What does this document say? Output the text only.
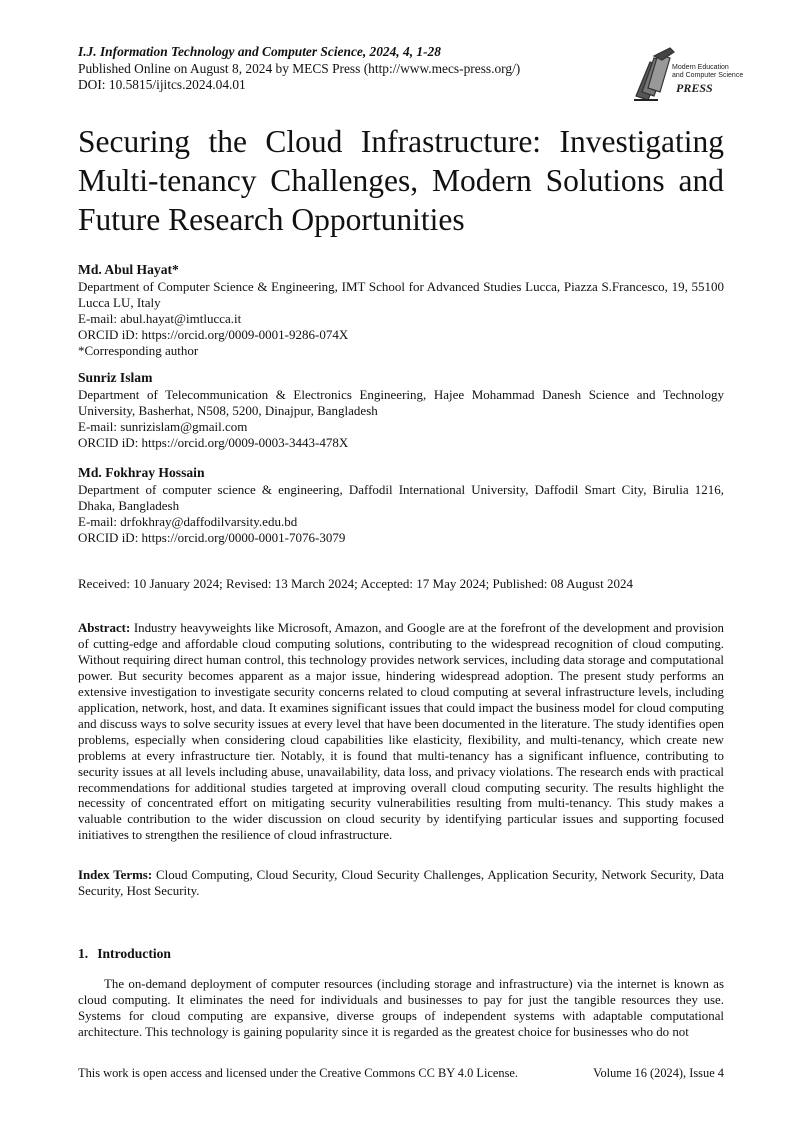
I.J. Information Technology and Computer Science, 2024, 4, 1-28
Published Online on August 8, 2024 by MECS Press (http://www.mecs-press.org/)
DOI: 10.5815/ijitcs.2024.04.01
Modern Education
and Computer Science
PRESS
Securing the Cloud Infrastructure: Investigating Multi-tenancy Challenges, Modern Solutions and Future Research Opportunities
Md. Abul Hayat*
Department of Computer Science & Engineering, IMT School for Advanced Studies Lucca, Piazza S.Francesco, 19, 55100 Lucca LU, Italy
E-mail: abul.hayat@imtlucca.it
ORCID iD: https://orcid.org/0009-0001-9286-074X
*Corresponding author
Sunriz Islam
Department of Telecommunication & Electronics Engineering, Hajee Mohammad Danesh Science and Technology University, Basherhat, N508, 5200, Dinajpur, Bangladesh
E-mail: sunrizislam@gmail.com
ORCID iD: https://orcid.org/0009-0003-3443-478X
Md. Fokhray Hossain
Department of computer science & engineering, Daffodil International University, Daffodil Smart City, Birulia 1216, Dhaka, Bangladesh
E-mail: drfokhray@daffodilvarsity.edu.bd
ORCID iD: https://orcid.org/0000-0001-7076-3079
Received: 10 January 2024; Revised: 13 March 2024; Accepted: 17 May 2024; Published: 08 August 2024
Abstract: Industry heavyweights like Microsoft, Amazon, and Google are at the forefront of the development and provision of cutting-edge and affordable cloud computing solutions, contributing to the widespread recognition of cloud computing. Without requiring direct human control, this technology provides network services, including data storage and computational power. But security becomes apparent as a major issue, hindering widespread adoption. The present study performs an extensive investigation to investigate security concerns related to cloud computing at several infrastructure levels, including application, network, host, and data. It examines significant issues that could impact the business model for cloud computing and discuss ways to solve security issues at every level that have been documented in the literature. The study identifies open problems, especially when considering cloud capabilities like elasticity, flexibility, and multi-tenancy, which create new problems at every infrastructure tier. Notably, it is found that multi-tenancy has a significant influence, contributing to security issues at all levels including abuse, unavailability, data loss, and privacy violations. The research ends with practical recommendations for additional studies targeted at improving overall cloud computing security. The results highlight the necessity of concentrated effort on mitigating security vulnerabilities resulting from multi-tenancy. This study makes a valuable contribution to the wider discussion on cloud security by identifying particular issues and supporting focused initiatives to strengthen the resilience of cloud infrastructure.
Index Terms: Cloud Computing, Cloud Security, Cloud Security Challenges, Application Security, Network Security, Data Security, Host Security.
1. Introduction
The on-demand deployment of computer resources (including storage and infrastructure) via the internet is known as cloud computing. It eliminates the need for individuals and businesses to pay for just the tangible resources they use. Systems for cloud computing are expansive, diverse groups of independent systems with adaptable computational architecture. This technology is gaining popularity since it is regarded as the greatest choice for businesses who do not
This work is open access and licensed under the Creative Commons CC BY 4.0 License.	Volume 16 (2024), Issue 4
